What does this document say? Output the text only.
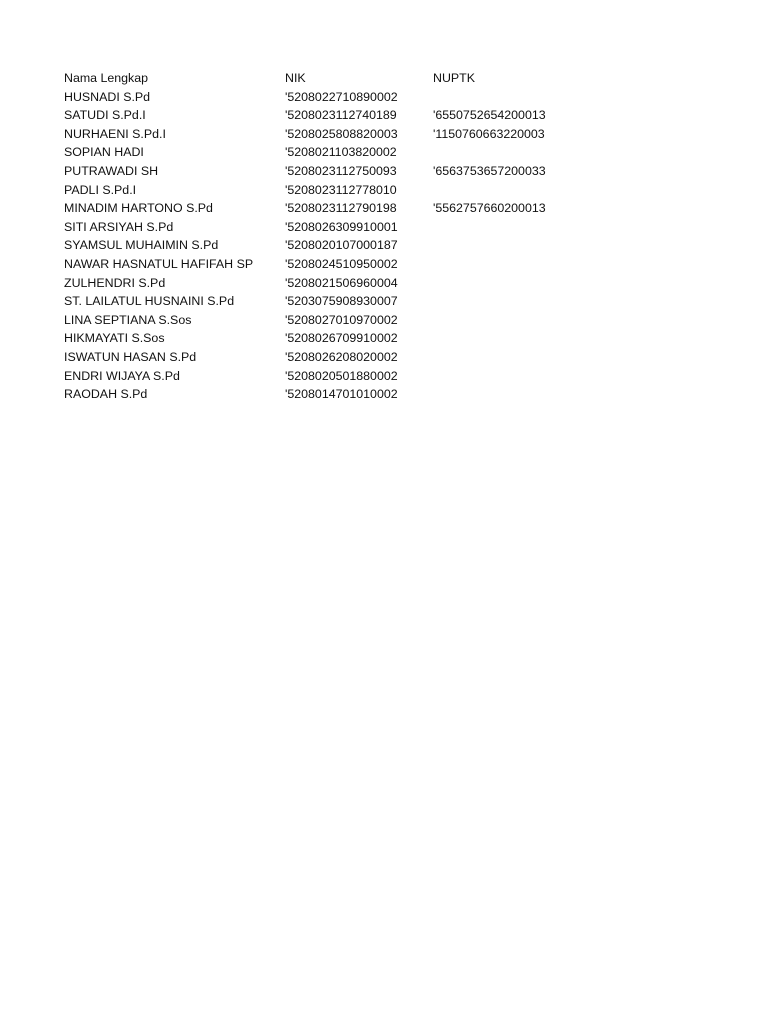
Nama Lengkap	NIK	NUPTK
HUSNADI S.Pd	'5208022710890002
SATUDI S.Pd.I	'5208023112740189	'6550752654200013
NURHAENI S.Pd.I	'5208025808820003	'1150760663220003
SOPIAN HADI	'5208021103820002
PUTRAWADI SH	'5208023112750093	'6563753657200033
PADLI S.Pd.I	'5208023112778010
MINADIM HARTONO S.Pd	'5208023112790198	'5562757660200013
SITI ARSIYAH S.Pd	'5208026309910001
SYAMSUL MUHAIMIN S.Pd	'5208020107000187
NAWAR HASNATUL HAFIFAH SP	'5208024510950002
ZULHENDRI S.Pd	'5208021506960004
ST. LAILATUL HUSNAINI S.Pd	'5203075908930007
LINA SEPTIANA S.Sos	'5208027010970002
HIKMAYATI S.Sos	'5208026709910002
ISWATUN HASAN S.Pd	'5208026208020002
ENDRI WIJAYA S.Pd	'5208020501880002
RAODAH S.Pd	'5208014701010002
